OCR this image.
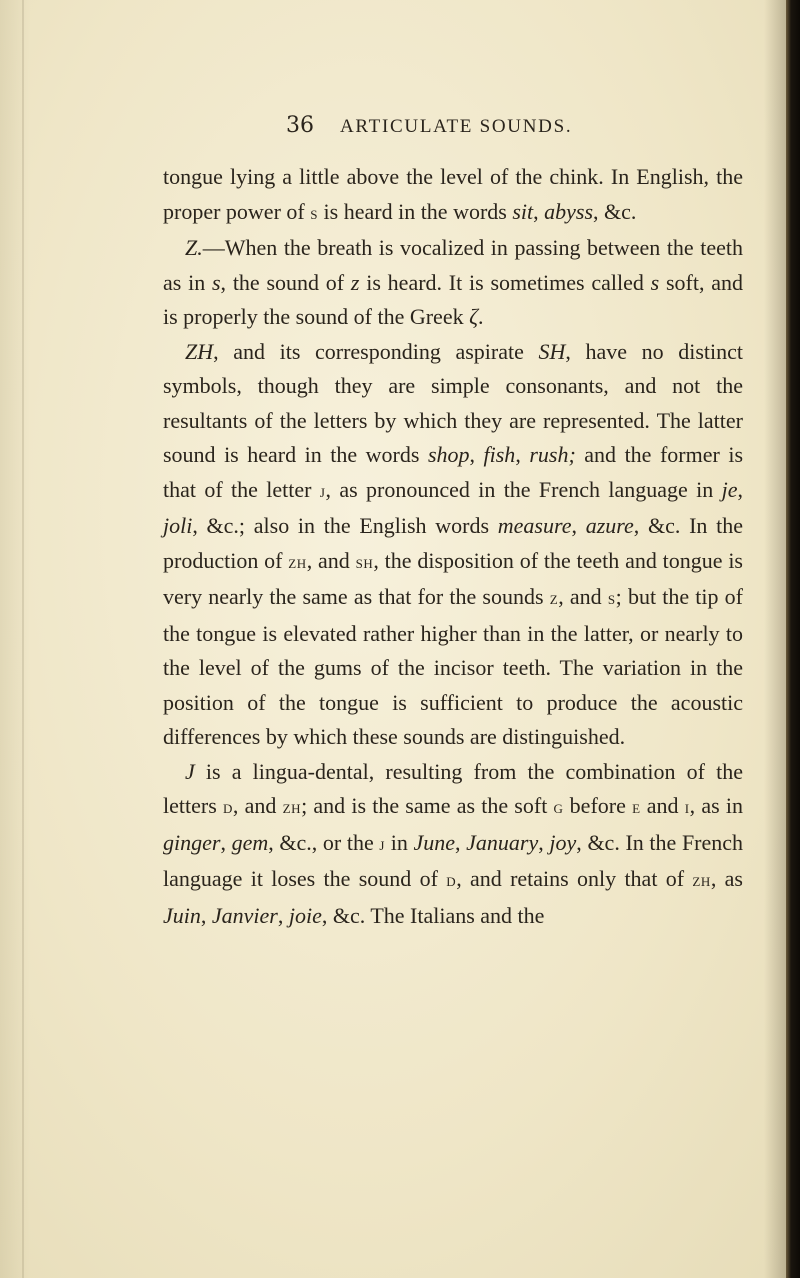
36 ARTICULATE SOUNDS.

tongue lying a little above the level of the chink. In English, the proper power of s is heard in the words sit, abyss, &c.

Z.—When the breath is vocalized in passing between the teeth as in s, the sound of z is heard. It is sometimes called s soft, and is properly the sound of the Greek ζ.

ZH, and its corresponding aspirate SH, have no distinct symbols, though they are simple consonants, and not the resultants of the letters by which they are represented. The latter sound is heard in the words shop, fish, rush; and the former is that of the letter j, as pronounced in the French language in je, joli, &c.; also in the English words measure, azure, &c. In the production of zh, and sh, the disposition of the teeth and tongue is very nearly the same as that for the sounds z, and s; but the tip of the tongue is elevated rather higher than in the latter, or nearly to the level of the gums of the incisor teeth. The variation in the position of the tongue is sufficient to produce the acoustic differences by which these sounds are distinguished.

J is a lingua-dental, resulting from the combination of the letters d, and zh; and is the same as the soft g before e and i, as in ginger, gem, &c., or the j in June, January, joy, &c. In the French language it loses the sound of d, and retains only that of zh, as Juin, Janvier, joie, &c. The Italians and the
